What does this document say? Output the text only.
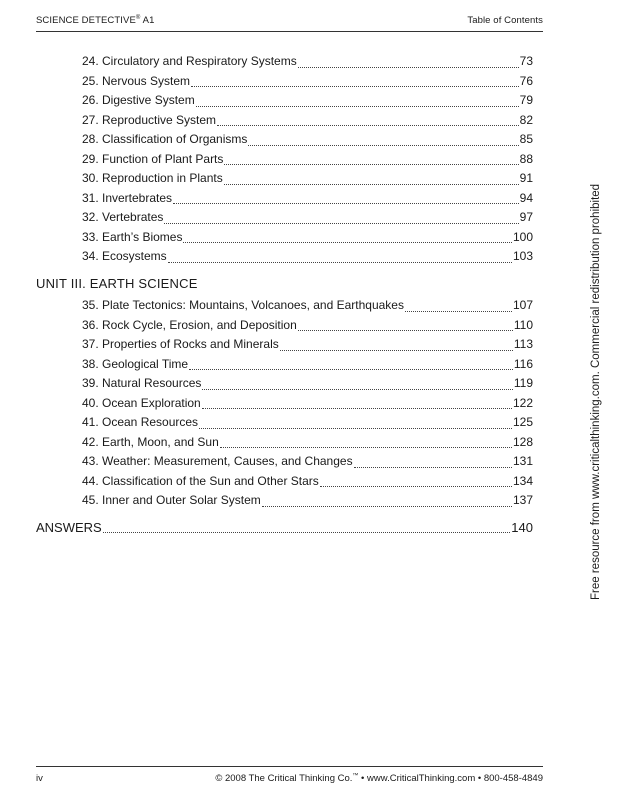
SCIENCE DETECTIVE® A1	Table of Contents
24. Circulatory and Respiratory Systems	73
25. Nervous System	76
26. Digestive System	79
27. Reproductive System	82
28. Classification of Organisms	85
29. Function of Plant Parts	88
30. Reproduction in Plants	91
31. Invertebrates	94
32. Vertebrates	97
33. Earth’s Biomes	100
34. Ecosystems	103
UNIT III. EARTH SCIENCE
35. Plate Tectonics: Mountains, Volcanoes, and Earthquakes	107
36. Rock Cycle, Erosion, and Deposition	110
37. Properties of Rocks and Minerals	113
38. Geological Time	116
39. Natural Resources	119
40. Ocean Exploration	122
41. Ocean Resources	125
42. Earth, Moon, and Sun	128
43. Weather: Measurement, Causes, and Changes	131
44. Classification of the Sun and Other Stars	134
45. Inner and Outer Solar System	137
ANSWERS	140	Free resource from www.criticalthinking.com. Commercial redistribution prohibited
iv	© 2008 The Critical Thinking Co.™ • www.CriticalThinking.com • 800-458-4849
